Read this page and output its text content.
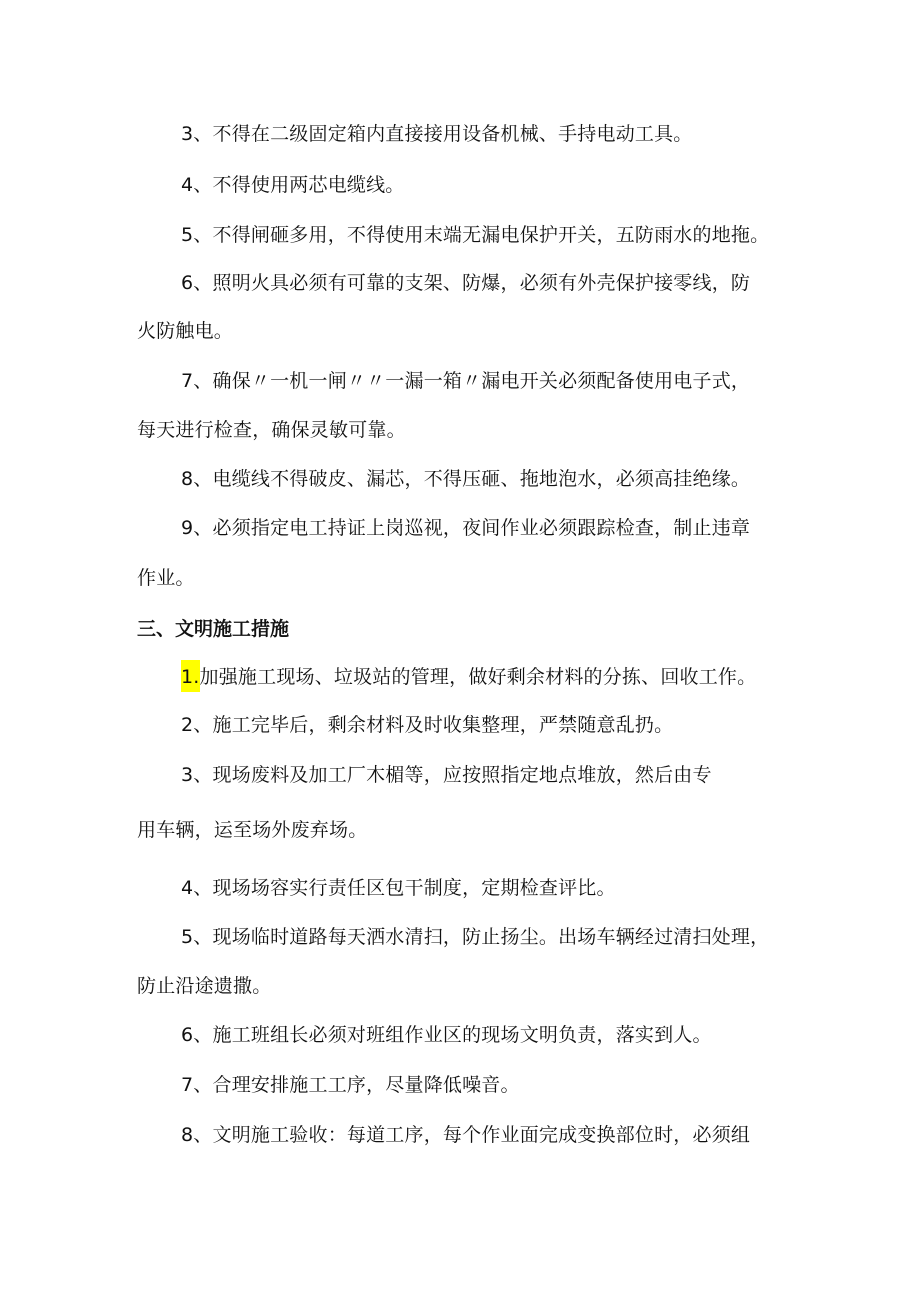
3、不得在二级固定箱内直接接用设备机械、手持电动工具。
4、不得使用两芯电缆线。
5、不得闸砸多用，不得使用末端无漏电保护开关，五防雨水的地拖。
6、照明火具必须有可靠的支架、防爆，必须有外壳保护接零线，防
火防触电。
7、确保〃一机一闸〃〃一漏一箱〃漏电开关必须配备使用电子式，
每天进行检查，确保灵敏可靠。
8、电缆线不得破皮、漏芯，不得压砸、拖地泡水，必须高挂绝缘。
9、必须指定电工持证上岗巡视，夜间作业必须跟踪检查，制止违章
作业。
三、文明施工措施
1.加强施工现场、垃圾站的管理，做好剩余材料的分拣、回收工作。
2、施工完毕后，剩余材料及时收集整理，严禁随意乱扔。
3、现场废料及加工厂木楣等，应按照指定地点堆放，然后由专
用车辆，运至场外废弃场。
4、现场场容实行责任区包干制度，定期检查评比。
5、现场临时道路每天洒水清扫，防止扬尘。出场车辆经过清扫处理，
防止沿途遗撒。
6、施工班组长必须对班组作业区的现场文明负责，落实到人。
7、合理安排施工工序，尽量降低噪音。
8、文明施工验收：每道工序，每个作业面完成变换部位时，必须组
